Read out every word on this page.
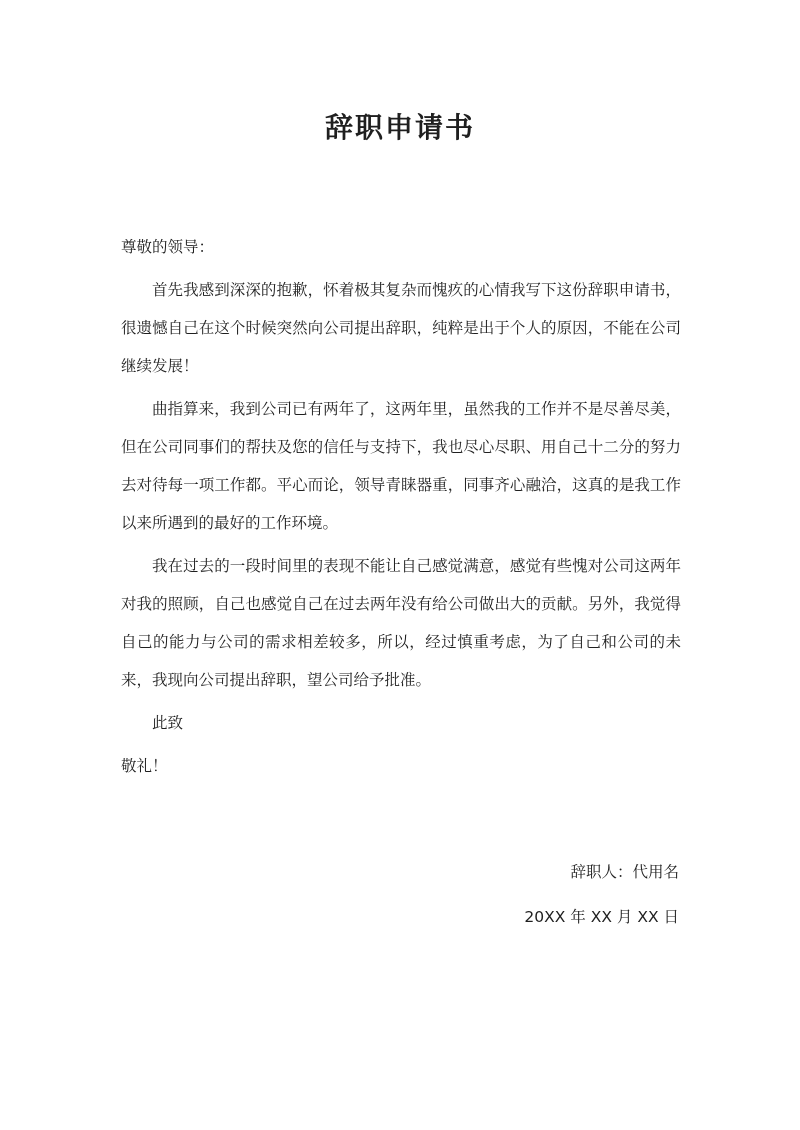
辞职申请书

尊敬的领导：

首先我感到深深的抱歉，怀着极其复杂而愧疚的心情我写下这份辞职申请书，很遗憾自己在这个时候突然向公司提出辞职，纯粹是出于个人的原因，不能在公司继续发展！

曲指算来，我到公司已有两年了，这两年里，虽然我的工作并不是尽善尽美，但在公司同事们的帮扶及您的信任与支持下，我也尽心尽职、用自己十二分的努力去对待每一项工作都。平心而论，领导青睐器重，同事齐心融洽，这真的是我工作以来所遇到的最好的工作环境。

我在过去的一段时间里的表现不能让自己感觉满意，感觉有些愧对公司这两年对我的照顾，自己也感觉自己在过去两年没有给公司做出大的贡献。另外，我觉得自己的能力与公司的需求相差较多，所以，经过慎重考虑，为了自己和公司的未来，我现向公司提出辞职，望公司给予批准。

此致

敬礼！

辞职人：代用名
20XX 年 XX 月 XX 日
